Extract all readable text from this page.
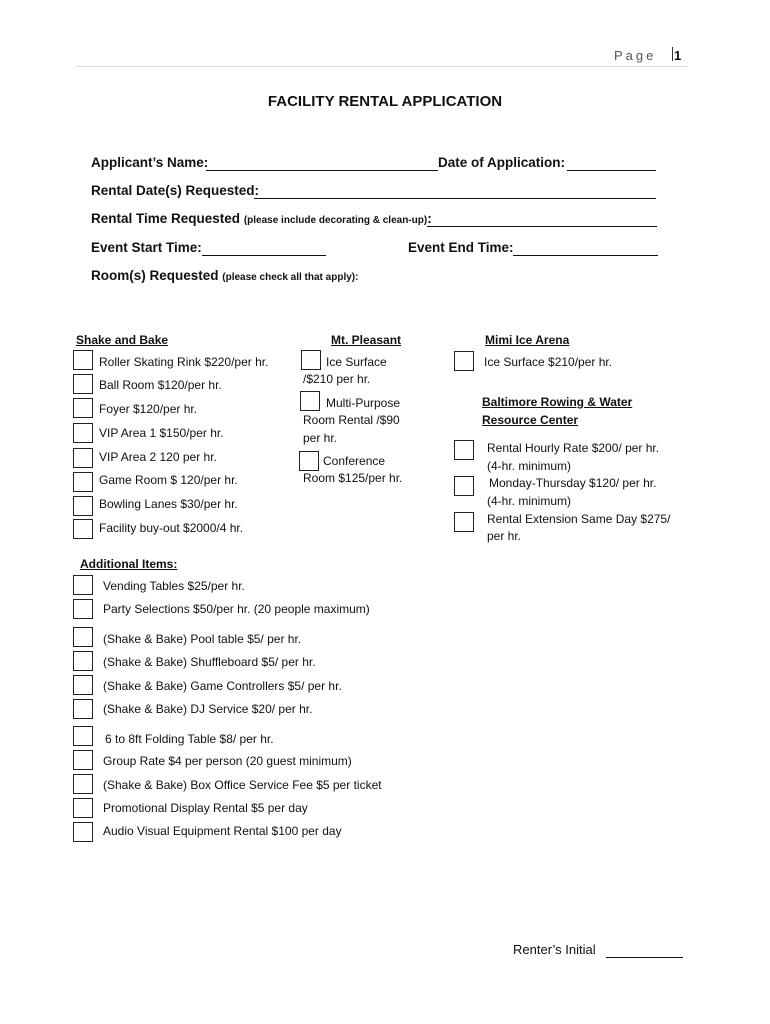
Page 1
FACILITY RENTAL APPLICATION
Applicant’s Name:	Date of Application:
Rental Date(s) Requested:
Rental Time Requested (please include decorating & clean-up):
Event Start Time:	Event End Time:
Room(s) Requested (please check all that apply):
Shake and Bake
Roller Skating Rink $220/per hr.
Ball Room $120/per hr.
Foyer $120/per hr.
VIP Area 1 $150/per hr.
VIP Area 2 120 per hr.
Game Room $ 120/per hr.
Bowling Lanes $30/per hr.
Facility buy-out $2000/4 hr.
Mt. Pleasant
Ice Surface
/$210 per hr.
Multi-Purpose
Room Rental /$90
per hr.
Conference
Room $125/per hr.
Mimi Ice Arena
Ice Surface $210/per hr.
Baltimore Rowing & Water
Resource Center
Rental Hourly Rate $200/ per hr.
(4-hr. minimum)
Monday-Thursday $120/ per hr.
(4-hr. minimum)
Rental Extension Same Day $275/
per hr.
Additional Items:
Vending Tables $25/per hr.
Party Selections $50/per hr. (20 people maximum)
(Shake & Bake) Pool table $5/ per hr.
(Shake & Bake) Shuffleboard $5/ per hr.
(Shake & Bake) Game Controllers $5/ per hr.
(Shake & Bake) DJ Service $20/ per hr.
6 to 8ft Folding Table $8/ per hr.
Group Rate $4 per person (20 guest minimum)
(Shake & Bake) Box Office Service Fee $5 per ticket
Promotional Display Rental $5 per day
Audio Visual Equipment Rental $100 per day
Renter’s Initial
